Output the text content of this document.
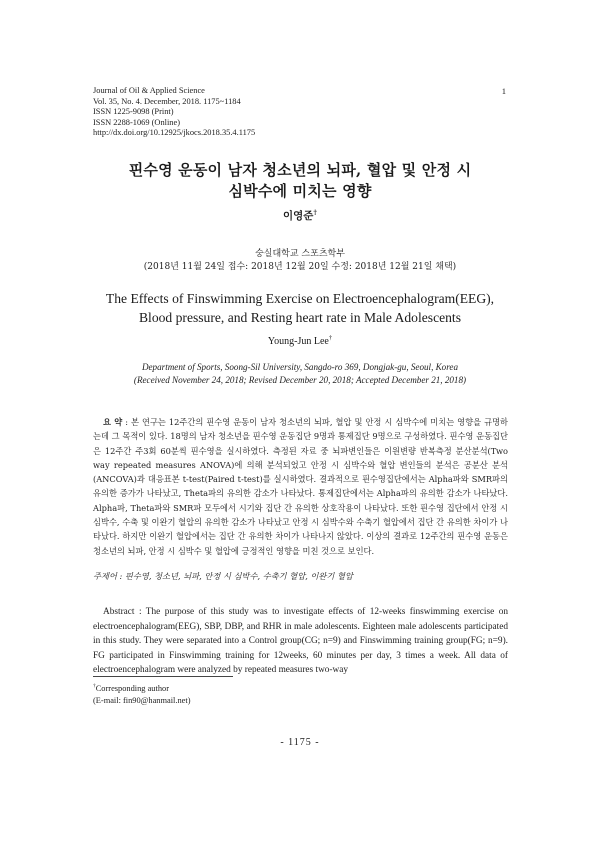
Journal of Oil & Applied Science
Vol. 35, No. 4. December, 2018. 1175~1184
ISSN 1225-9098 (Print)
ISSN 2288-1069 (Online)
http://dx.doi.org/10.12925/jkocs.2018.35.4.1175
1
핀수영 운동이 남자 청소년의 뇌파, 혈압 및 안정 시
심박수에 미치는 영향
이영준†
숭실대학교 스포츠학부
(2018년 11월 24일 접수: 2018년 12월 20일 수정: 2018년 12월 21일 채택)
The Effects of Finswimming Exercise on Electroencephalogram(EEG),
Blood pressure, and Resting heart rate in Male Adolescents
Young-Jun Lee†
Department of Sports, Soong-Sil University, Sangdo-ro 369, Dongjak-gu, Seoul, Korea
(Received November 24, 2018; Revised December 20, 2018; Accepted December 21, 2018)
요 약 : 본 연구는 12주간의 핀수영 운동이 남자 청소년의 뇌파, 혈압 및 안정 시 심박수에 미치는 영향을 규명하는데 그 목적이 있다. 18명의 남자 청소년을 핀수영 운동집단 9명과 통제집단 9명으로 구성하였다. 핀수영 운동집단은 12주간 주3회 60분씩 핀수영을 실시하였다. 측정된 자료 중 뇌파변인들은 이원변량 반복측정 분산분석(Two way repeated measures ANOVA)에 의해 분석되었고 안정 시 심박수와 혈압 변인들의 분석은 공분산 분석(ANCOVA)과 대응표본 t-test(Paired t-test)를 실시하였다. 결과적으로 핀수영집단에서는 Alpha파와 SMR파의 유의한 증가가 나타났고, Theta파의 유의한 감소가 나타났다. 통제집단에서는 Alpha파의 유의한 감소가 나타났다. Alpha파, Theta파와 SMR파 모두에서 시기와 집단 간 유의한 상호작용이 나타났다. 또한 핀수영 집단에서 안정 시 심박수, 수축 및 이완기 혈압의 유의한 감소가 나타났고 안정 시 심박수와 수축기 혈압에서 집단 간 유의한 차이가 나타났다. 하지만 이완기 혈압에서는 집단 간 유의한 차이가 나타나지 않았다. 이상의 결과로 12주간의 핀수영 운동은 청소년의 뇌파, 안정 시 심박수 및 혈압에 긍정적인 영향을 미친 것으로 보인다.
주제어 : 핀수영, 청소년, 뇌파, 안정 시 심박수, 수축기 혈압, 이완기 혈압
Abstract : The purpose of this study was to investigate effects of 12-weeks finswimming exercise on electroencephalogram(EEG), SBP, DBP, and RHR in male adolescents. Eighteen male adolescents participated in this study. They were separated into a Control group(CG; n=9) and Finswimming training group(FG; n=9). FG participated in Finswimming training for 12weeks, 60 minutes per day, 3 times a week. All data of electroencephalogram were analyzed by repeated measures two-way
†Corresponding author
(E-mail: fin90@hanmail.net)
- 1175 -
